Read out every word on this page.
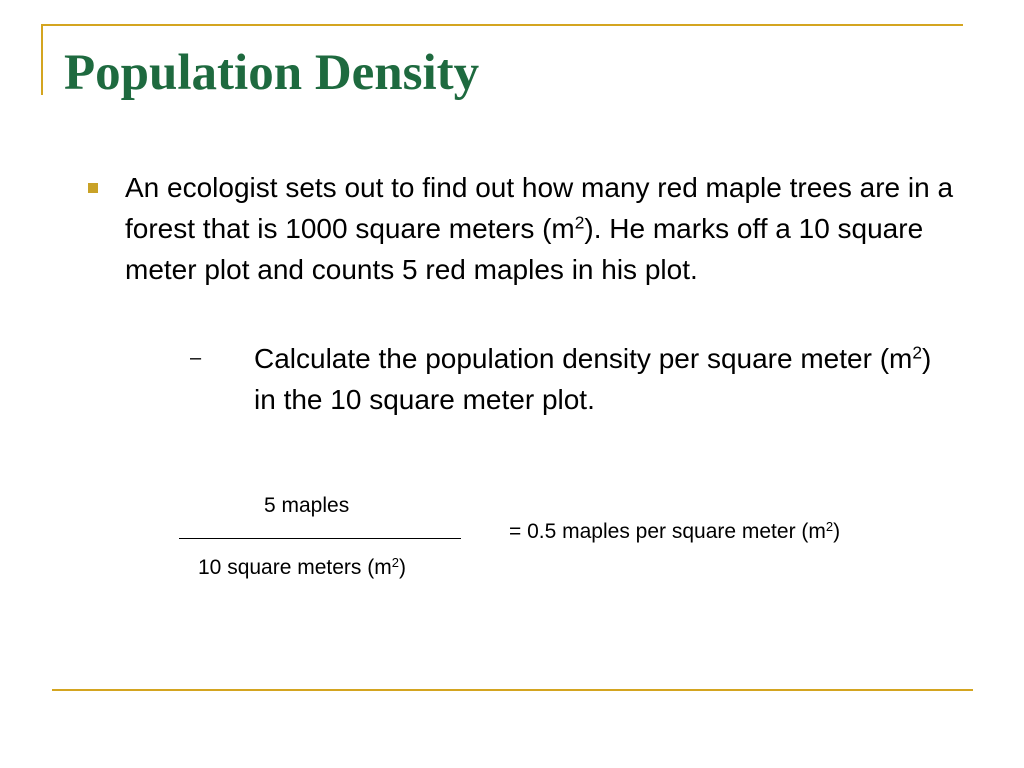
Population Density
An ecologist sets out to find out how many red maple trees are in a forest that is 1000 square meters $(m^2)$. He marks off a 10 square meter plot and counts 5 red maples in his plot.
– Calculate the population density per square meter $(m^2)$ in the 10 square meter plot.
5 maples
10 square meters $(m^2)$
= 0.5 maples per square meter $(m^2)$
